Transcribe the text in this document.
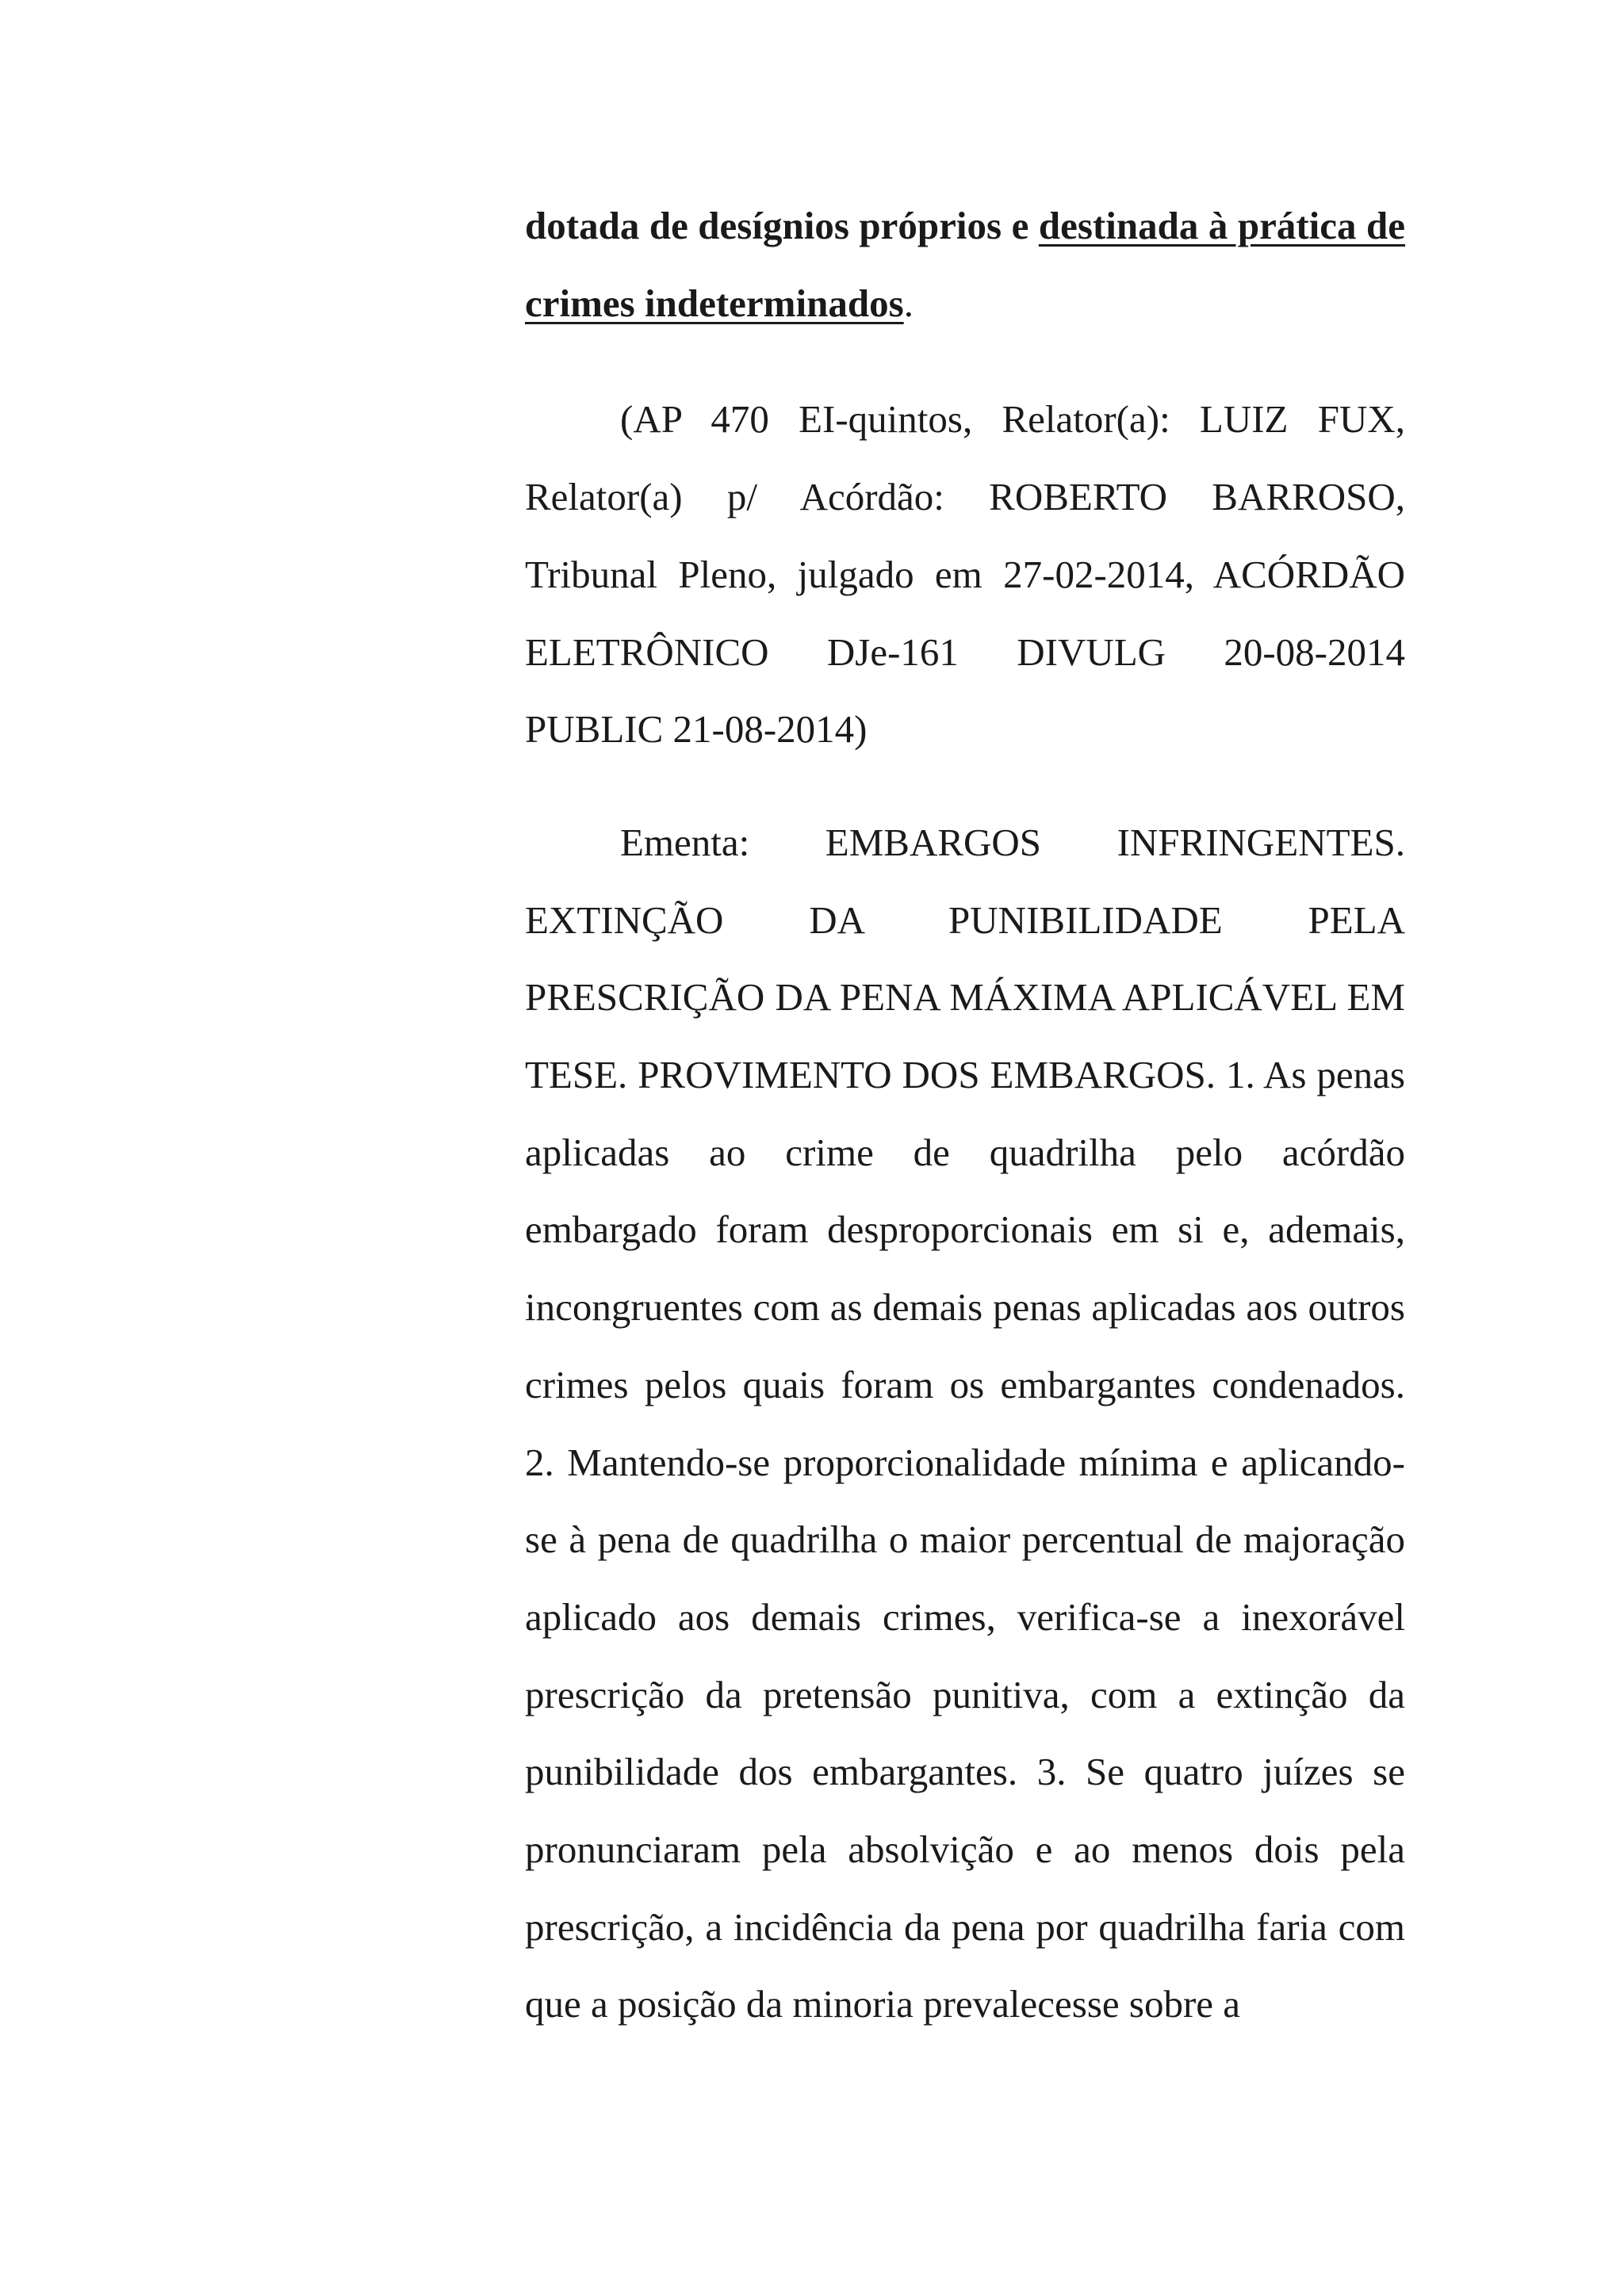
dotada de desígnios próprios e destinada à prática de crimes indeterminados.

(AP 470 EI-quintos, Relator(a): LUIZ FUX, Relator(a) p/ Acórdão: ROBERTO BARROSO, Tribunal Pleno, julgado em 27-02-2014, ACÓRDÃO ELETRÔNICO DJe-161 DIVULG 20-08-2014 PUBLIC 21-08-2014)

Ementa: EMBARGOS INFRINGENTES. EXTINÇÃO DA PUNIBILIDADE PELA PRESCRIÇÃO DA PENA MÁXIMA APLICÁVEL EM TESE. PROVIMENTO DOS EMBARGOS. 1. As penas aplicadas ao crime de quadrilha pelo acórdão embargado foram desproporcionais em si e, ademais, incongruentes com as demais penas aplicadas aos outros crimes pelos quais foram os embargantes condenados. 2. Mantendo-se proporcionalidade mínima e aplicando-se à pena de quadrilha o maior percentual de majoração aplicado aos demais crimes, verifica-se a inexorável prescrição da pretensão punitiva, com a extinção da punibilidade dos embargantes. 3. Se quatro juízes se pronunciaram pela absolvição e ao menos dois pela prescrição, a incidência da pena por quadrilha faria com que a posição da minoria prevalecesse sobre a
